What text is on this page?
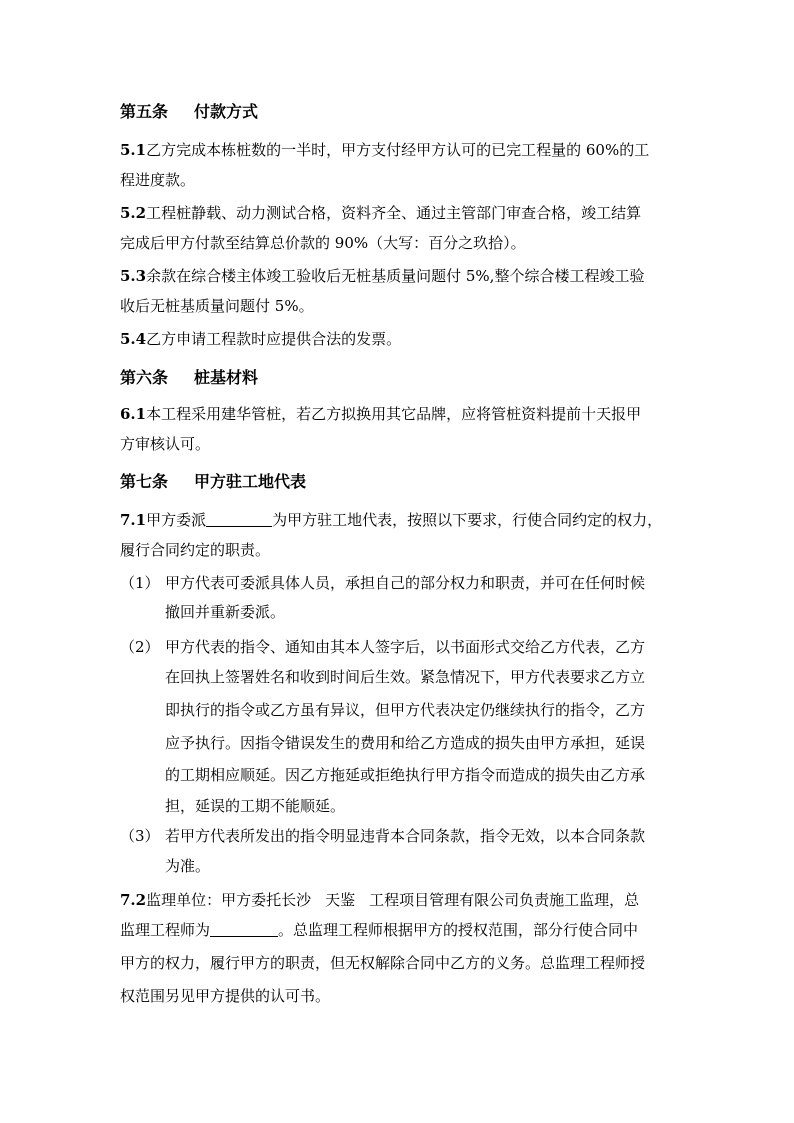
第五条 付款方式
5.1乙方完成本栋桩数的一半时，甲方支付经甲方认可的已完工程量的 60%的工
程进度款。
5.2工程桩静载、动力测试合格，资料齐全、通过主管部门审查合格，竣工结算
完成后甲方付款至结算总价款的 90%（大写：百分之玖拾）。
5.3余款在综合楼主体竣工验收后无桩基质量问题付 5%,整个综合楼工程竣工验
收后无桩基质量问题付 5%。
5.4乙方申请工程款时应提供合法的发票。
第六条 桩基材料
6.1本工程采用建华管桩，若乙方拟换用其它品牌，应将管桩资料提前十天报甲
方审核认可。
第七条 甲方驻工地代表
7.1甲方委派	为甲方驻工地代表，按照以下要求，行使合同约定的权力，
履行合同约定的职责。
（1） 甲方代表可委派具体人员，承担自己的部分权力和职责，并可在任何时候
撤回并重新委派。
（2） 甲方代表的指令、通知由其本人签字后，以书面形式交给乙方代表，乙方
在回执上签署姓名和收到时间后生效。紧急情况下，甲方代表要求乙方立
即执行的指令或乙方虽有异议，但甲方代表决定仍继续执行的指令，乙方
应予执行。因指令错误发生的费用和给乙方造成的损失由甲方承担，延误
的工期相应顺延。因乙方拖延或拒绝执行甲方指令而造成的损失由乙方承
担，延误的工期不能顺延。
（3） 若甲方代表所发出的指令明显违背本合同条款，指令无效，以本合同条款
为准。
7.2监理单位：甲方委托长沙 天鉴 工程项目管理有限公司负责施工监理，总
监理工程师为	。总监理工程师根据甲方的授权范围，部分行使合同中
甲方的权力，履行甲方的职责，但无权解除合同中乙方的义务。总监理工程师授
权范围另见甲方提供的认可书。
